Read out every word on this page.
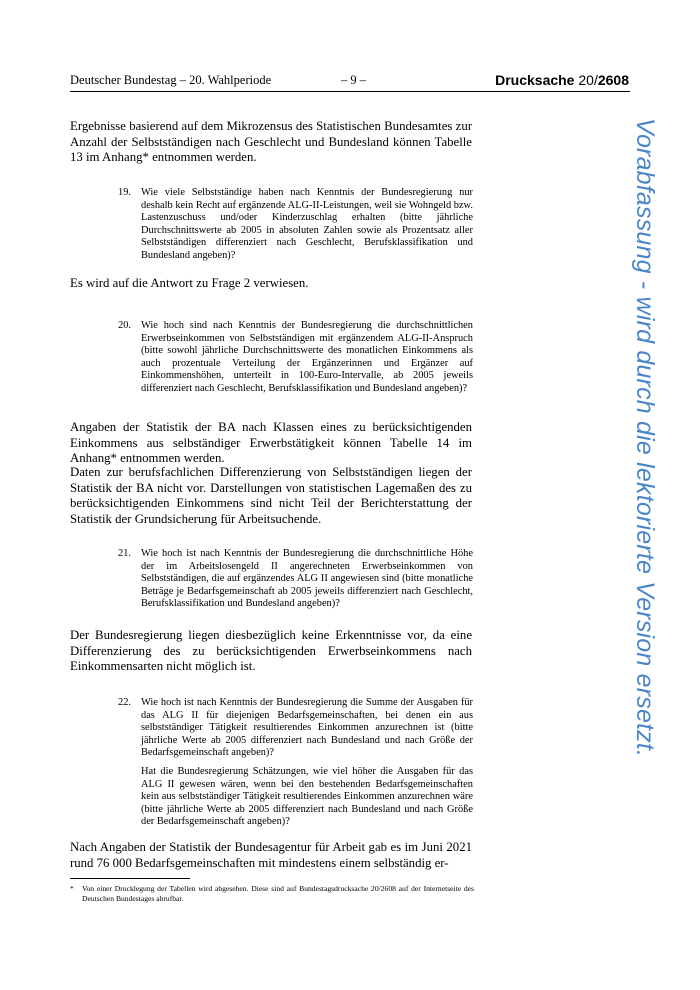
Deutscher Bundestag – 20. Wahlperiode	– 9 –	Drucksache 20/2608

Ergebnisse basierend auf dem Mikrozensus des Statistischen Bundesamtes zur Anzahl der Selbstständigen nach Geschlecht und Bundesland können Tabelle 13 im Anhang* entnommen werden.

19. Wie viele Selbstständige haben nach Kenntnis der Bundesregierung nur deshalb kein Recht auf ergänzende ALG-II-Leistungen, weil sie Wohngeld bzw. Lastenzuschuss und/oder Kinderzuschlag erhalten (bitte jährliche Durchschnittswerte ab 2005 in absoluten Zahlen sowie als Prozentsatz aller Selbstständigen differenziert nach Geschlecht, Berufsklassifikation und Bundesland angeben)?

Es wird auf die Antwort zu Frage 2 verwiesen.

20. Wie hoch sind nach Kenntnis der Bundesregierung die durchschnittlichen Erwerbseinkommen von Selbstständigen mit ergänzendem ALG-II-Anspruch (bitte sowohl jährliche Durchschnittswerte des monatlichen Einkommens als auch prozentuale Verteilung der Ergänzerinnen und Ergänzer auf Einkommenshöhen, unterteilt in 100-Euro-Intervalle, ab 2005 jeweils differenziert nach Geschlecht, Berufsklassifikation und Bundesland angeben)?

Angaben der Statistik der BA nach Klassen eines zu berücksichtigenden Einkommens aus selbständiger Erwerbstätigkeit können Tabelle 14 im Anhang* entnommen werden.

Daten zur berufsfachlichen Differenzierung von Selbstständigen liegen der Statistik der BA nicht vor. Darstellungen von statistischen Lagemaßen des zu berücksichtigenden Einkommens sind nicht Teil der Berichterstattung der Statistik der Grundsicherung für Arbeitsuchende.

21. Wie hoch ist nach Kenntnis der Bundesregierung die durchschnittliche Höhe der im Arbeitslosengeld II angerechneten Erwerbseinkommen von Selbstständigen, die auf ergänzendes ALG II angewiesen sind (bitte monatliche Beträge je Bedarfsgemeinschaft ab 2005 jeweils differenziert nach Geschlecht, Berufsklassifikation und Bundesland angeben)?

Der Bundesregierung liegen diesbezüglich keine Erkenntnisse vor, da eine Differenzierung des zu berücksichtigenden Erwerbseinkommens nach Einkommensarten nicht möglich ist.

22. Wie hoch ist nach Kenntnis der Bundesregierung die Summe der Ausgaben für das ALG II für diejenigen Bedarfsgemeinschaften, bei denen ein aus selbstständiger Tätigkeit resultierendes Einkommen anzurechnen ist (bitte jährliche Werte ab 2005 differenziert nach Bundesland und nach Größe der Bedarfsgemeinschaft angeben)?

Hat die Bundesregierung Schätzungen, wie viel höher die Ausgaben für das ALG II gewesen wären, wenn bei den bestehenden Bedarfsgemeinschaften kein aus selbstständiger Tätigkeit resultierendes Einkommen anzurechnen wäre (bitte jährliche Werte ab 2005 differenziert nach Bundesland und nach Größe der Bedarfsgemeinschaft angeben)?

Nach Angaben der Statistik der Bundesagentur für Arbeit gab es im Juni 2021 rund 76 000 Bedarfsgemeinschaften mit mindestens einem selbständig er-

* Von einer Drucklegung der Tabellen wird abgesehen. Diese sind auf Bundestagsdrucksache 20/2608 auf der Internetseite des Deutschen Bundestages abrufbar.
Vorabfassung - wird durch die lektorierte Version ersetzt.
